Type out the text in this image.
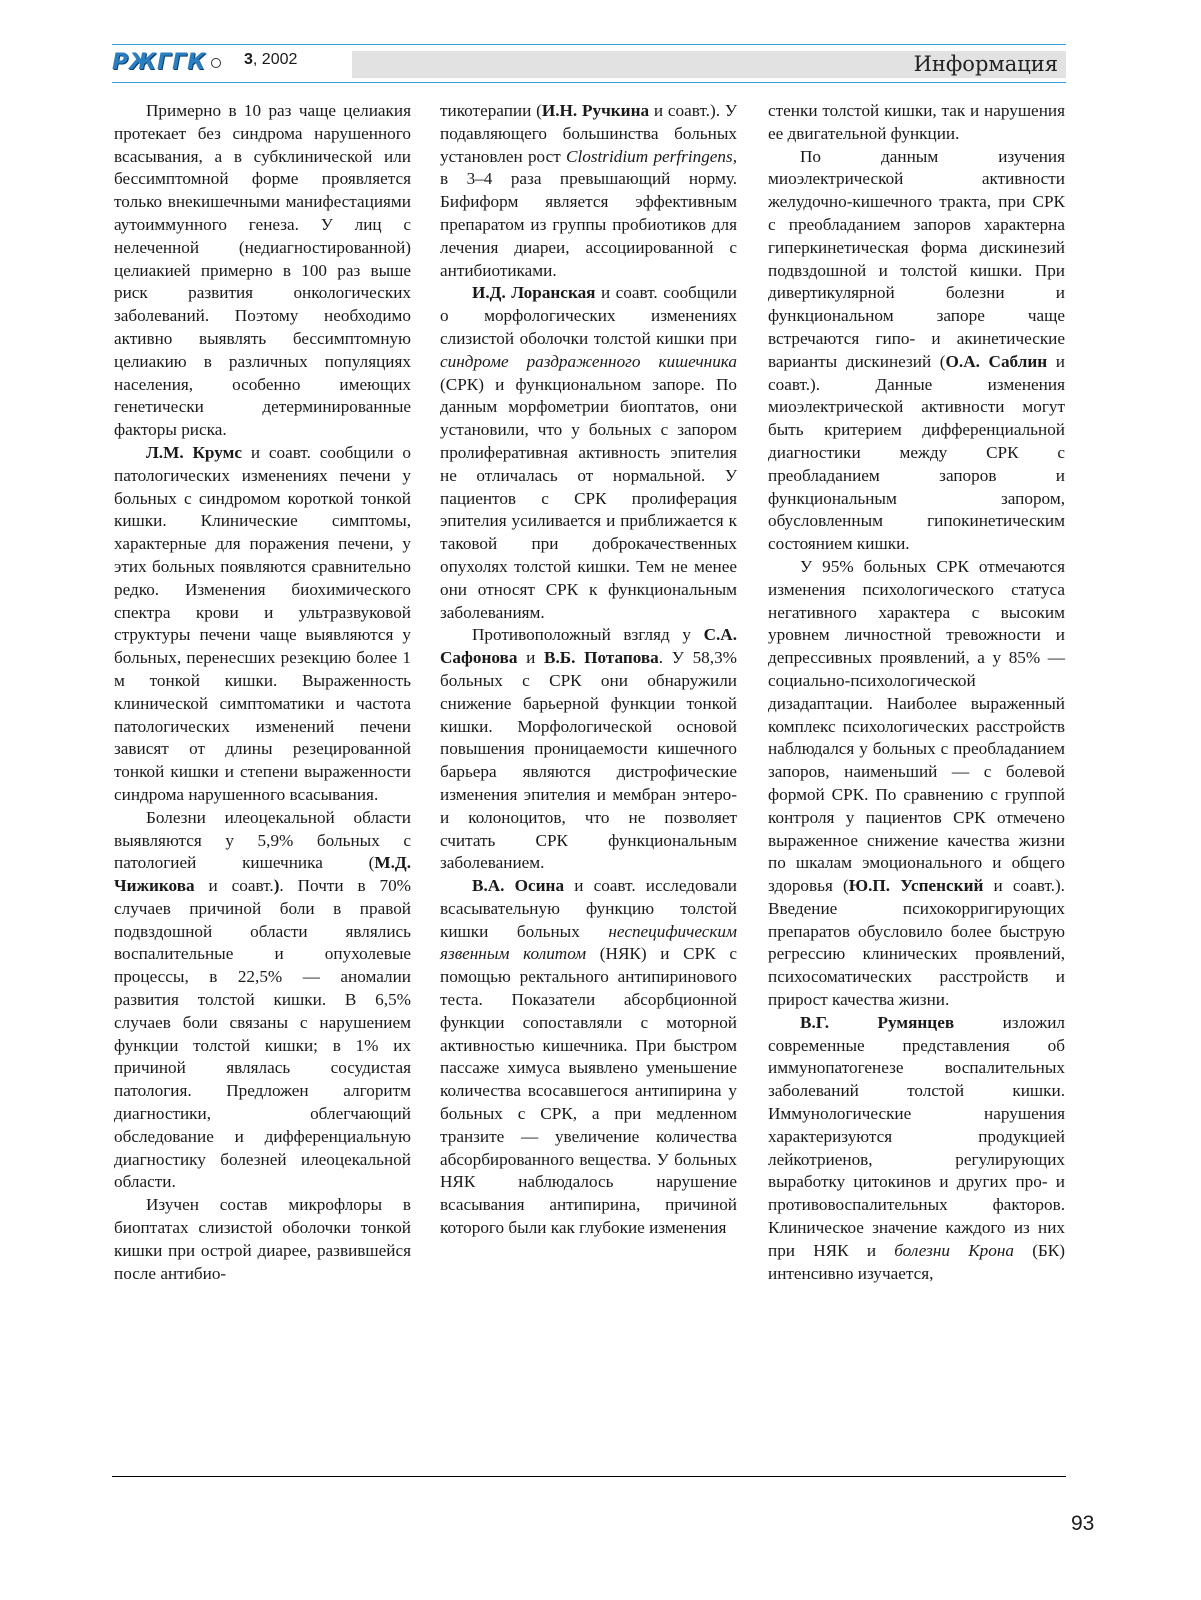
РЖГГК 3, 2002	Информация

Примерно в 10 раз чаще целиакия протекает без синдрома нарушенного всасывания, а в субклинической или бессимптомной форме проявляется только внекишечными манифестациями аутоиммунного генеза. У лиц с нелеченной (недиагностированной) целиакией примерно в 100 раз выше риск развития онкологических заболеваний. Поэтому необходимо активно выявлять бессимптомную целиакию в различных популяциях населения, особенно имеющих генетически детерминированные факторы риска.

Л.М. Крумс и соавт. сообщили о патологических изменениях печени у больных с синдромом короткой тонкой кишки. Клинические симптомы, характерные для поражения печени, у этих больных появляются сравнительно редко. Изменения биохимического спектра крови и ультразвуковой структуры печени чаще выявляются у больных, перенесших резекцию более 1 м тонкой кишки. Выраженность клинической симптоматики и частота патологических изменений печени зависят от длины резецированной тонкой кишки и степени выраженности синдрома нарушенного всасывания.

Болезни илеоцекальной области выявляются у 5,9% больных с патологией кишечника (М.Д. Чижикова и соавт.). Почти в 70% случаев причиной боли в правой подвздошной области являлись воспалительные и опухолевые процессы, в 22,5% — аномалии развития толстой кишки. В 6,5% случаев боли связаны с нарушением функции толстой кишки; в 1% их причиной являлась сосудистая патология. Предложен алгоритм диагностики, облегчающий обследование и дифференциальную диагностику болезней илеоцекальной области.

Изучен состав микрофлоры в биоптатах слизистой оболочки тонкой кишки при острой диарее, развившейся после антибио-

тикотерапии (И.Н. Ручкина и соавт.). У подавляющего большинства больных установлен рост Clostridium perfringens, в 3–4 раза превышающий норму. Бифиформ является эффективным препаратом из группы пробиотиков для лечения диареи, ассоциированной с антибиотиками.

И.Д. Лоранская и соавт. сообщили о морфологических изменениях слизистой оболочки толстой кишки при синдроме раздраженного кишечника (СРК) и функциональном запоре. По данным морфометрии биоптатов, они установили, что у больных с запором пролиферативная активность эпителия не отличалась от нормальной. У пациентов с СРК пролиферация эпителия усиливается и приближается к таковой при доброкачественных опухолях толстой кишки. Тем не менее они относят СРК к функциональным заболеваниям.

Противоположный взгляд у С.А. Сафонова и В.Б. Потапова. У 58,3% больных с СРК они обнаружили снижение барьерной функции тонкой кишки. Морфологической основой повышения проницаемости кишечного барьера являются дистрофические изменения эпителия и мембран энтеро- и колоноцитов, что не позволяет считать СРК функциональным заболеванием.

В.А. Осина и соавт. исследовали всасывательную функцию толстой кишки больных неспецифическим язвенным колитом (НЯК) и СРК с помощью ректального антипиринового теста. Показатели абсорбционной функции сопоставляли с моторной активностью кишечника. При быстром пассаже химуса выявлено уменьшение количества всосавшегося антипирина у больных с СРК, а при медленном транзите — увеличение количества абсорбированного вещества. У больных НЯК наблюдалось нарушение всасывания антипирина, причиной которого были как глубокие изменения

стенки толстой кишки, так и нарушения ее двигательной функции.

По данным изучения миоэлектрической активности желудочно-кишечного тракта, при СРК с преобладанием запоров характерна гиперкинетическая форма дискинезий подвздошной и толстой кишки. При дивертикулярной болезни и функциональном запоре чаще встречаются гипо- и акинетические варианты дискинезий (О.А. Саблин и соавт.). Данные изменения миоэлектрической активности могут быть критерием дифференциальной диагностики между СРК с преобладанием запоров и функциональным запором, обусловленным гипокинетическим состоянием кишки.

У 95% больных СРК отмечаются изменения психологического статуса негативного характера с высоким уровнем личностной тревожности и депрессивных проявлений, а у 85% — социально-психологической дизадаптации. Наиболее выраженный комплекс психологических расстройств наблюдался у больных с преобладанием запоров, наименьший — с болевой формой СРК. По сравнению с группой контроля у пациентов СРК отмечено выраженное снижение качества жизни по шкалам эмоционального и общего здоровья (Ю.П. Успенский и соавт.). Введение психокорригирующих препаратов обусловило более быструю регрессию клинических проявлений, психосоматических расстройств и прирост качества жизни.

В.Г. Румянцев изложил современные представления об иммунопатогенезе воспалительных заболеваний толстой кишки. Иммунологические нарушения характеризуются продукцией лейкотриенов, регулирующих выработку цитокинов и других про- и противовоспалительных факторов. Клиническое значение каждого из них при НЯК и болезни Крона (БК) интенсивно изучается,

93
